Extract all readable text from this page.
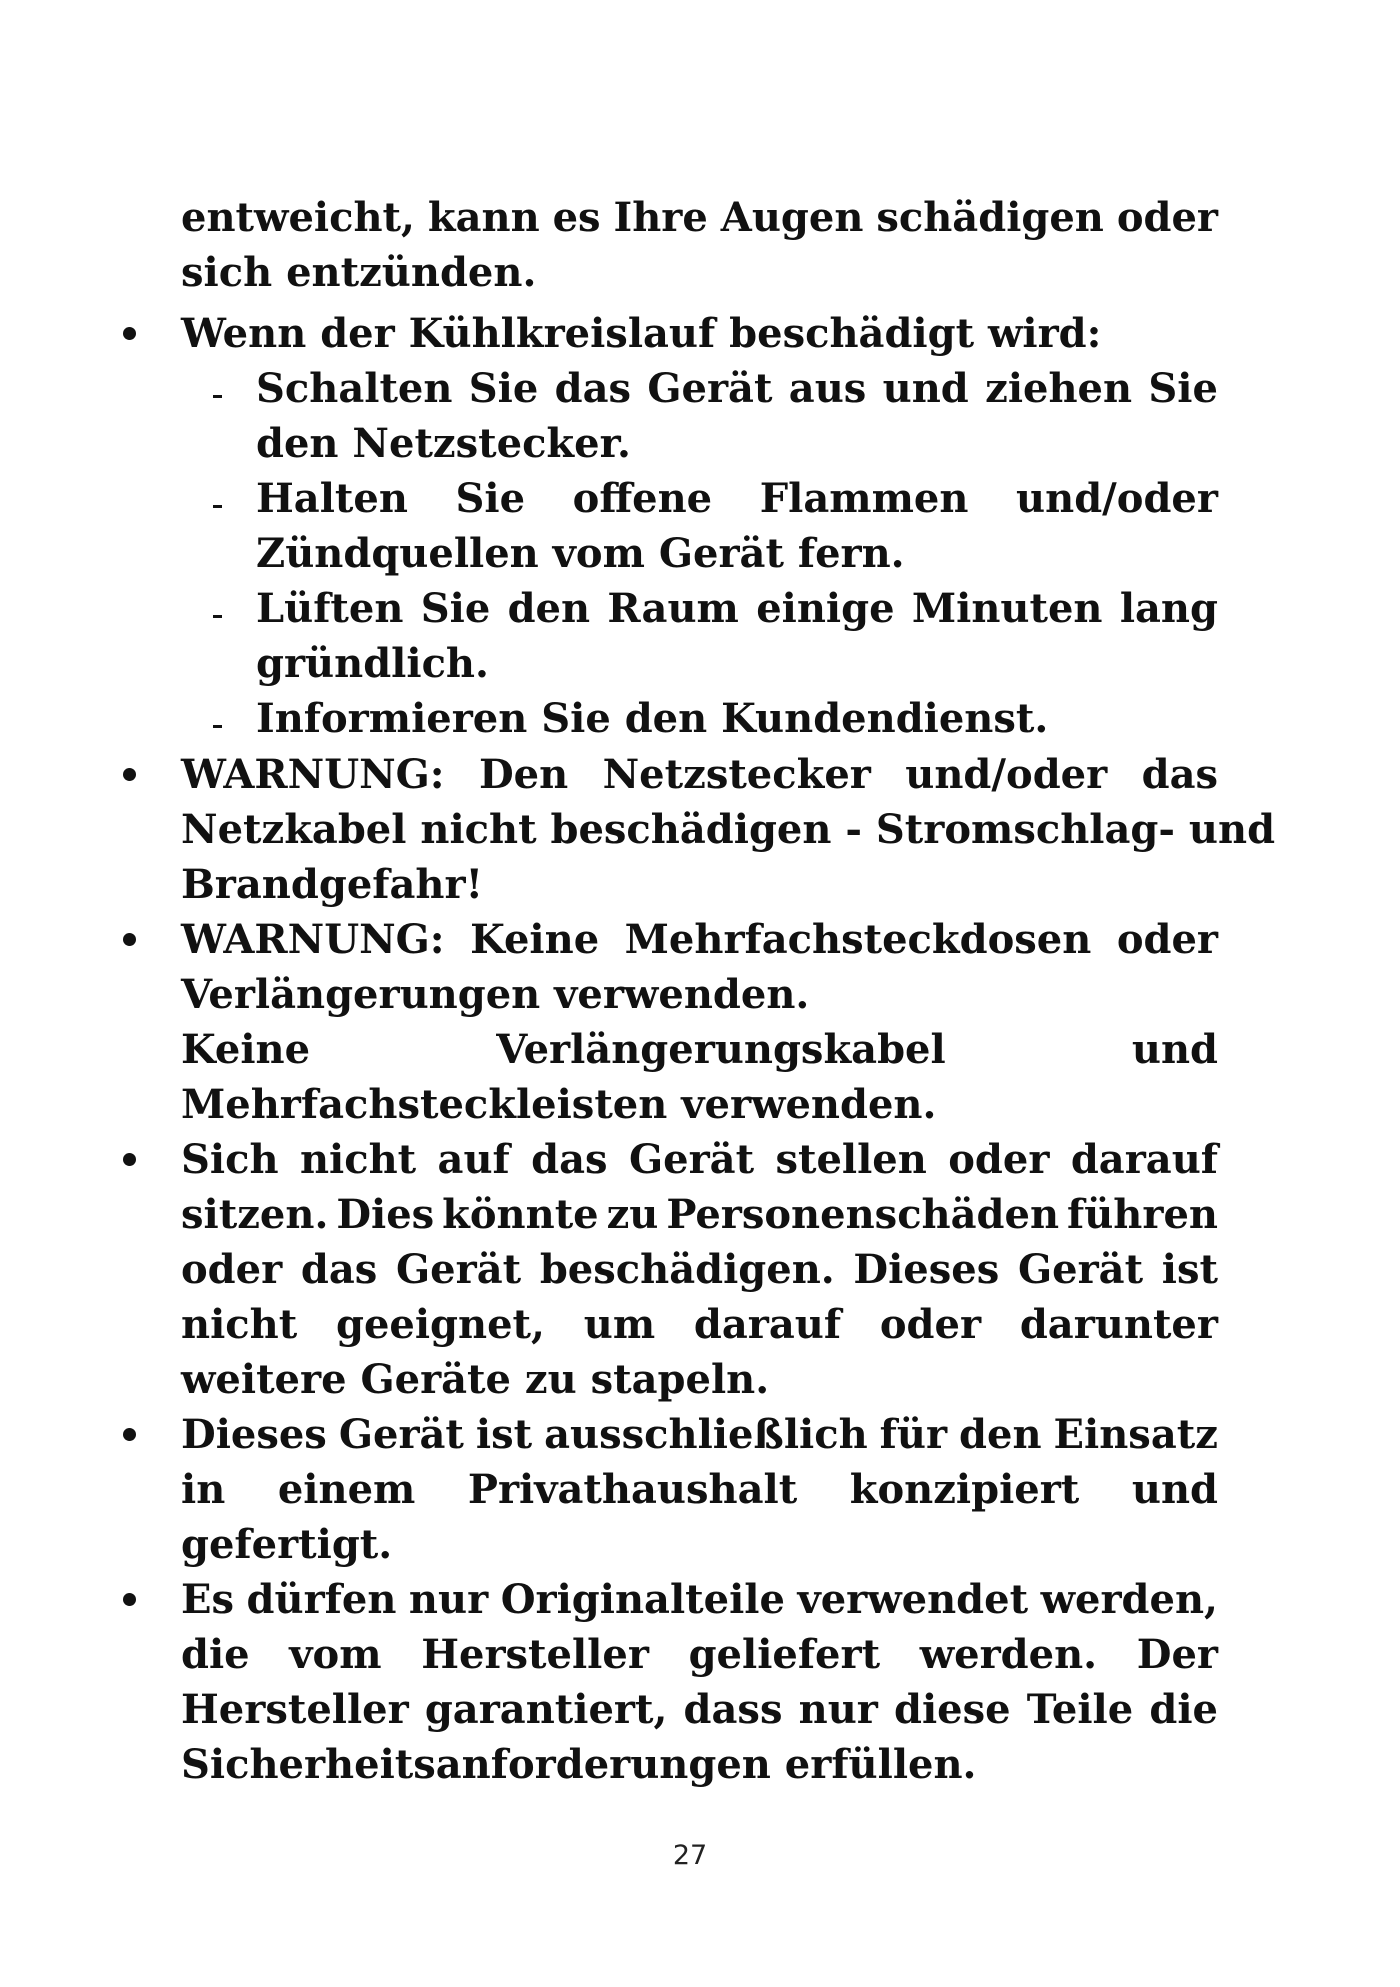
entweicht, kann es Ihre Augen schädigen oder
sich entzünden.
Wenn der Kühlkreislauf beschädigt wird:
Schalten Sie das Gerät aus und ziehen Sie
den Netzstecker.
Halten Sie offene Flammen und/oder
Zündquellen vom Gerät fern.
Lüften Sie den Raum einige Minuten lang
gründlich.
Informieren Sie den Kundendienst.
WARNUNG: Den Netzstecker und/oder das
Netzkabel nicht beschädigen - Stromschlag- und
Brandgefahr!
WARNUNG: Keine Mehrfachsteckdosen oder
Verlängerungen verwenden.
Keine	Verlängerungskabel	und
Mehrfachsteckleisten verwenden.
Sich nicht auf das Gerät stellen oder darauf
sitzen. Dies könnte zu Personenschäden führen
oder das Gerät beschädigen. Dieses Gerät ist
nicht geeignet, um darauf oder darunter
weitere Geräte zu stapeln.
Dieses Gerät ist ausschließlich für den Einsatz
in einem Privathaushalt konzipiert und
gefertigt.
Es dürfen nur Originalteile verwendet werden,
die vom Hersteller geliefert werden. Der
Hersteller garantiert, dass nur diese Teile die
Sicherheitsanforderungen erfüllen.
27
